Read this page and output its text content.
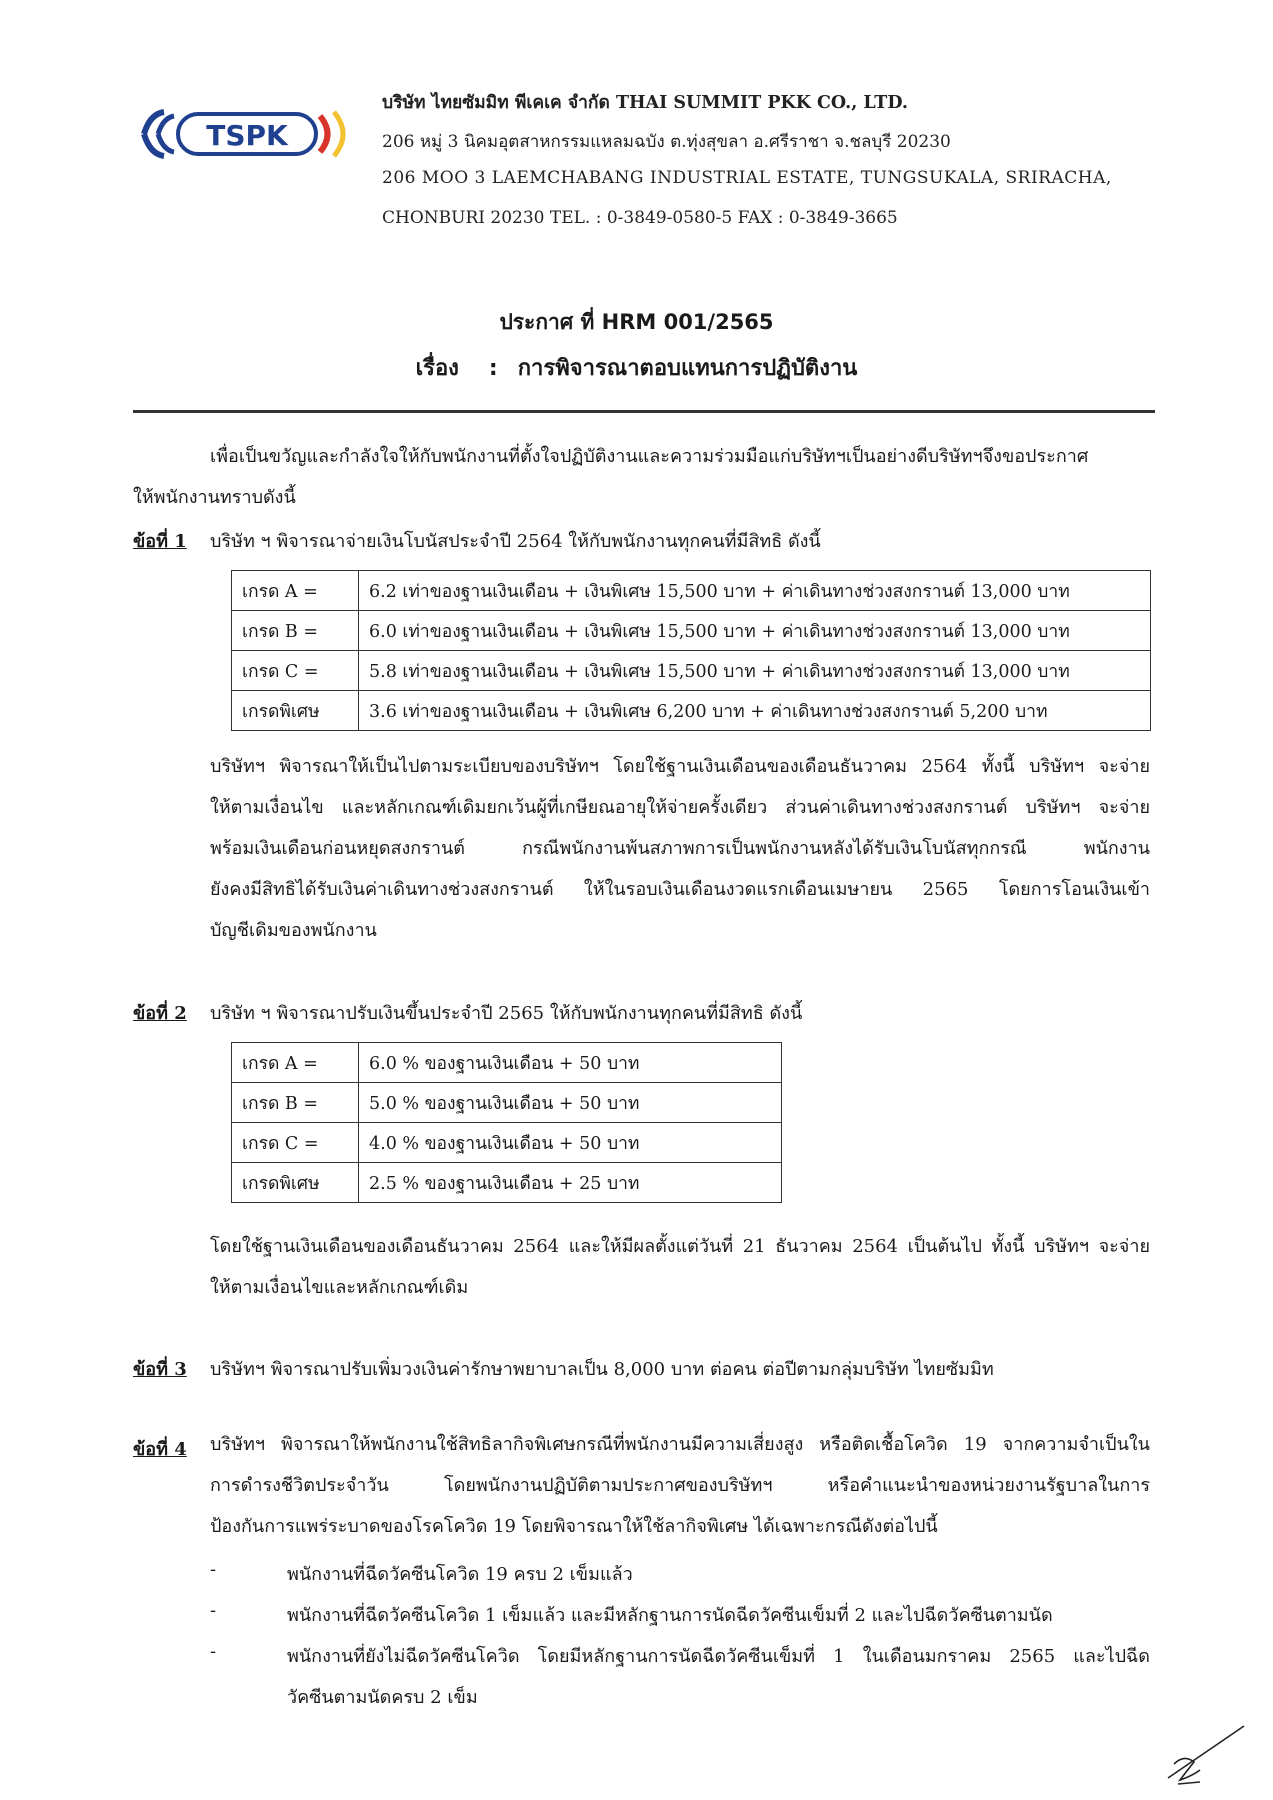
TSPK
บริษัท ไทยซัมมิท พีเคเค จำกัด THAI SUMMIT PKK CO., LTD.
206 หมู่ 3 นิคมอุตสาหกรรมแหลมฉบัง ต.ทุ่งสุขลา อ.ศรีราชา จ.ชลบุรี 20230
206 MOO 3 LAEMCHABANG INDUSTRIAL ESTATE, TUNGSUKALA, SRIRACHA,
CHONBURI 20230 TEL. : 0-3849-0580-5 FAX : 0-3849-3665
ประกาศ ที่ HRM 001/2565
เรื่อง : การพิจารณาตอบแทนการปฏิบัติงาน
เพื่อเป็นขวัญและกำลังใจให้กับพนักงานที่ตั้งใจปฏิบัติงานและความร่วมมือแก่บริษัทฯเป็นอย่างดีบริษัทฯจึงขอประกาศ
ให้พนักงานทราบดังนี้
ข้อที่ 1 บริษัท ฯ พิจารณาจ่ายเงินโบนัสประจำปี 2564 ให้กับพนักงานทุกคนที่มีสิทธิ ดังนี้
เกรด A =	6.2 เท่าของฐานเงินเดือน + เงินพิเศษ 15,500 บาท + ค่าเดินทางช่วงสงกรานต์ 13,000 บาท
เกรด B =	6.0 เท่าของฐานเงินเดือน + เงินพิเศษ 15,500 บาท + ค่าเดินทางช่วงสงกรานต์ 13,000 บาท
เกรด C =	5.8 เท่าของฐานเงินเดือน + เงินพิเศษ 15,500 บาท + ค่าเดินทางช่วงสงกรานต์ 13,000 บาท
เกรดพิเศษ	3.6 เท่าของฐานเงินเดือน + เงินพิเศษ 6,200 บาท + ค่าเดินทางช่วงสงกรานต์ 5,200 บาท
บริษัทฯ พิจารณาให้เป็นไปตามระเบียบของบริษัทฯ โดยใช้ฐานเงินเดือนของเดือนธันวาคม 2564 ทั้งนี้ บริษัทฯ จะจ่าย
ให้ตามเงื่อนไข และหลักเกณฑ์เดิมยกเว้นผู้ที่เกษียณอายุให้จ่ายครั้งเดียว ส่วนค่าเดินทางช่วงสงกรานต์ บริษัทฯ จะจ่าย
พร้อมเงินเดือนก่อนหยุดสงกรานต์ กรณีพนักงานพ้นสภาพการเป็นพนักงานหลังได้รับเงินโบนัสทุกกรณี พนักงาน
ยังคงมีสิทธิได้รับเงินค่าเดินทางช่วงสงกรานต์ ให้ในรอบเงินเดือนงวดแรกเดือนเมษายน 2565 โดยการโอนเงินเข้า
บัญชีเดิมของพนักงาน
ข้อที่ 2 บริษัท ฯ พิจารณาปรับเงินขึ้นประจำปี 2565 ให้กับพนักงานทุกคนที่มีสิทธิ ดังนี้
เกรด A =	6.0 % ของฐานเงินเดือน + 50 บาท
เกรด B =	5.0 % ของฐานเงินเดือน + 50 บาท
เกรด C =	4.0 % ของฐานเงินเดือน + 50 บาท
เกรดพิเศษ	2.5 % ของฐานเงินเดือน + 25 บาท
โดยใช้ฐานเงินเดือนของเดือนธันวาคม 2564 และให้มีผลตั้งแต่วันที่ 21 ธันวาคม 2564 เป็นต้นไป ทั้งนี้ บริษัทฯ จะจ่าย
ให้ตามเงื่อนไขและหลักเกณฑ์เดิม
ข้อที่ 3 บริษัทฯ พิจารณาปรับเพิ่มวงเงินค่ารักษาพยาบาลเป็น 8,000 บาท ต่อคน ต่อปีตามกลุ่มบริษัท ไทยซัมมิท
ข้อที่ 4 บริษัทฯ พิจารณาให้พนักงานใช้สิทธิลากิจพิเศษกรณีที่พนักงานมีความเสี่ยงสูง หรือติดเชื้อโควิด 19 จากความจำเป็นใน
การดำรงชีวิตประจำวัน โดยพนักงานปฏิบัติตามประกาศของบริษัทฯ หรือคำแนะนำของหน่วยงานรัฐบาลในการ
ป้องกันการแพร่ระบาดของโรคโควิด 19 โดยพิจารณาให้ใช้ลากิจพิเศษ ได้เฉพาะกรณีดังต่อไปนี้
-	พนักงานที่ฉีดวัคซีนโควิด 19 ครบ 2 เข็มแล้ว
-	พนักงานที่ฉีดวัคซีนโควิด 1 เข็มแล้ว และมีหลักฐานการนัดฉีดวัคซีนเข็มที่ 2 และไปฉีดวัคซีนตามนัด
-	พนักงานที่ยังไม่ฉีดวัคซีนโควิด โดยมีหลักฐานการนัดฉีดวัคซีนเข็มที่ 1 ในเดือนมกราคม 2565 และไปฉีด
วัคซีนตามนัดครบ 2 เข็ม
